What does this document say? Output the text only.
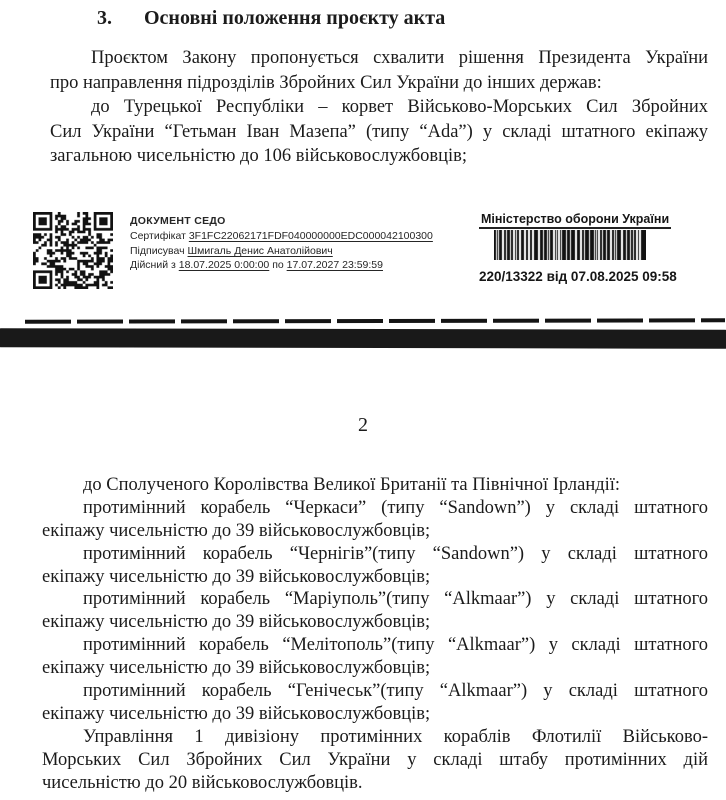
3. Основні положення проєкту акта
Проєктом Закону пропонується схвалити рішення Президента України
про направлення підрозділів Збройних Сил України до інших держав:
до Турецької Республіки – корвет Військово-Морських Сил Збройних
Сил України “Гетьман Іван Мазепа” (типу “Ada”) у складі штатного екіпажу
загальною чисельністю до 106 військовослужбовців;
ДОКУМЕНТ СЕДО
Сертифікат 3F1FC22062171FDF040000000EDC000042100300
Підписувач Шмигаль Денис Анатолійович
Дійсний з 18.07.2025 0:00:00 по 17.07.2027 23:59:59
Міністерство оборони України
220/13322 від 07.08.2025 09:58
2
до Сполученого Королівства Великої Британії та Північної Ірландії:
протимінний корабель “Черкаси” (типу “Sandown”) у складі штатного
екіпажу чисельністю до 39 військовослужбовців;
протимінний корабель “Чернігів”(типу “Sandown”) у складі штатного
екіпажу чисельністю до 39 військовослужбовців;
протимінний корабель “Маріуполь”(типу “Alkmaar”) у складі штатного
екіпажу чисельністю до 39 військовослужбовців;
протимінний корабель “Мелітополь”(типу “Alkmaar”) у складі штатного
екіпажу чисельністю до 39 військовослужбовців;
протимінний корабель “Генічеськ”(типу “Alkmaar”) у складі штатного
екіпажу чисельністю до 39 військовослужбовців;
Управління 1 дивізіону протимінних кораблів Флотилії Військово-
Морських Сил Збройних Сил України у складі штабу протимінних дій
чисельністю до 20 військовослужбовців.
